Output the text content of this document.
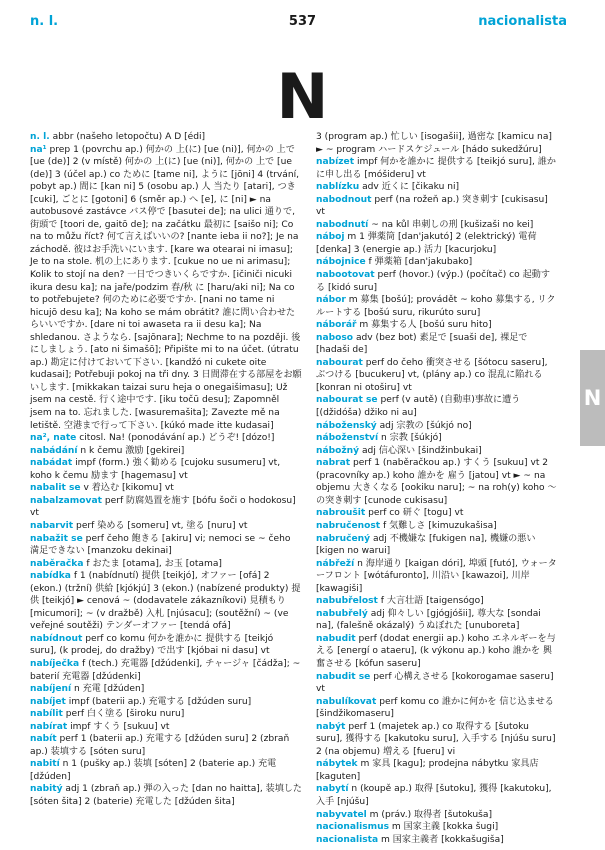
n. l.	537	nacionalista
N

n. l. abbr (našeho letopočtu) A D [édi]

na¹ prep 1 (povrchu ap.) 何かの 上(に) [ue (ni)], 何かの 上で [ue (de)] 2 (v místě) 何かの 上(に) [ue (ni)], 何かの 上で [ue (de)] 3 (účel ap.) co ために [tame ni], ように [jōni] 4 (trvání, pobyt ap.) 間に [kan ni] 5 (osobu ap.) 人 当たり [atari], つき [cuki], ごとに [gotoni] 6 (směr ap.) へ [e], に [ni] ► na autobusové zastávce バス停で [basutei de]; na ulici 通りで, 街頭で [toori de, gaitō de]; na začátku 最初に [saišo ni]; Co na to můžu říct? 何て言えばいいの? [nante ieba ii no?]; Je na záchodě. 彼はお手洗いにいます. [kare wa otearai ni imasu]; Je to na stole. 机の上にあります. [cukue no ue ni arimasu]; Kolik to stojí na den? 一日でつきいくらですか. [ičiniči nicuki ikura desu ka]; na jaře/podzim 春/秋 に [haru/aki ni]; Na co to potřebujete? 何のために必要ですか. [nani no tame ni hicujō desu ka]; Na koho se mám obrátit? 誰に問い合わせたらいいですか. [dare ni toi awaseta ra ii desu ka]; Na shledanou. さようなら. [sajōnara]; Nechme to na později. 後にしましょう. [ato ni šimašō]; Připište mi to na účet. (útratu ap.) 勘定に付けておいて下さい. [kandžó ni cukete oite kudasai]; Potřebuji pokoj na tři dny. 3 日間滞在する部屋をお願いします. [mikkakan taizai suru heja o onegaišimasu]; Už jsem na cestě. 行く途中です. [iku točū desu]; Zapomněl jsem na to. 忘れました. [wasuremašita]; Zavezte mě na letiště. 空港まで行って下さい. [kúkó made itte kudasai]

na², nate citosl. Na! (ponodávání ap.) どうぞ! [dózo!]

nabádání n k čemu 激励 [gekirei]

nabádat impf (form.) 強く勧める [cujoku susumeru] vt, koho k čemu 励ます [hagemasu] vt

nabalit se v 着込む [kikomu] vt

nabalzamovat perf 防腐処置を施す [bófu šoči o hodokosu] vt

nabarvit perf 染める [someru] vt, 塗る [nuru] vt

nabažit se perf čeho 飽きる [akiru] vi; nemoci se ~ čeho 満足できない [manzoku dekinai]

naběračka f おたま [otama], お玉 [otama]

nabídka f 1 (nabídnutí) 提供 [teikjó], オファー [ofá] 2 (ekon.) (tržní) 供給 [kjókjú] 3 (ekon.) (nabízené produkty) 提供 [teikjó] ► cenová ~ (dodavatele zákazníkovi) 見積もり [micumori]; ~ (v dražbě) 入札 [njúsacu]; (soutěžní) ~ (ve veřejné soutěži) テンダーオファー [tendá ofá]

nabídnout perf co komu 何かを誰かに 提供する [teikjó suru], (k prodej, do dražby) で出す [kjóbai ni dasu] vt

nabíječka f (tech.) 充電器 [džúdenki], チャージャ [čádža]; ~ baterií 充電器 [džúdenki]

nabíjení n 充電 [džúden]

nabíjet impf (baterii ap.) 充電する [džúden suru]

nabílit perf 白く塗る [široku nuru]

nabírat impf すくう [sukuu] vt

nabít perf 1 (baterii ap.) 充電する [džúden suru] 2 (zbraň ap.) 装填する [sóten suru]

nabití n 1 (pušky ap.) 装填 [sóten] 2 (baterie ap.) 充電 [džúden]

nabitý adj 1 (zbraň ap.) 弾の入った [dan no haitta], 装填した [sóten šita] 2 (baterie) 充電した [džúden šita]

3 (program ap.) 忙しい [isogašii], 過密な [kamicu na] ► ~ program ハードスケジュール [hádo sukedžúru]

nabízet impf 何かを誰かに 提供する [teikjó suru], 誰かに申し出る [móšideru] vt

nablízku adv 近くに [čikaku ni]

nabodnout perf (na rožeň ap.) 突き刺す [cukisasu] vt

nabodnutí ~ na kůl 串刺しの刑 [kušizaši no kei]

náboj m 1 弾薬筒 [dan'jakutó] 2 (elektrický) 電荷 [denka] 3 (energie ap.) 活力 [kacurjoku]

nábojnice f 弾薬箱 [dan'jakubako]

nabootovat perf (hovor.) (výp.) (počítač) co 起動する [kidó suru]

nábor m 募集 [bošú]; provádět ~ koho 募集する, リクルートする [bošú suru, rikurúto suru]

náborář m 募集する人 [bošú suru hito]

naboso adv (bez bot) 素足で [suaši de], 裸足で [hadaši de]

nabourat perf do čeho 衝突させる [šótocu saseru], ぶつける [bucukeru] vt, (plány ap.) co 混乱に陥れる [konran ni otoširu] vt

nabourat se perf (v autě) (自動車)事故に遭う [(džidóša) džiko ni au]

náboženský adj 宗教の [šúkjó no]

náboženství n 宗教 [šúkjó]

nábožný adj 信心深い [šindžinbukai]

nabrat perf 1 (naběračkou ap.) すくう [sukuu] vt 2 (pracovníky ap.) koho 誰かを 雇う [jatou] vt ► ~ na objemu 大きくなる [ookiku naru]; ~ na roh(y) koho 〜の突き刺す [cunode cukisasu]

nabroušit perf co 研ぐ [togu] vt

nabručenost f 気難しさ [kimuzukašisa]

nabručený adj 不機嫌な [fukigen na], 機嫌の悪い [kigen no warui]

nábřeží n 海岸通り [kaigan dóri], 埠頭 [futó], ウォーターフロント [wótáfuronto], 川沿い [kawazoi], 川岸 [kawagiši]

nabubřelost f 大言壮語 [taigensógo]

nabubřelý adj 仰々しい [gjógjóšii], 尊大な [sondai na], (falešně okázalý) うぬぼれた [unuboreta]

nabudit perf (dodat energii ap.) koho エネルギーを与える [energí o ataeru], (k výkonu ap.) koho 誰かを 興奮させる [kófun saseru]

nabudit se perf 心構えさせる [kokorogamae saseru] vt

nabulíkovat perf komu co 誰かに何かを 信じ込ませる [šindžikomaseru]

nabýt perf 1 (majetek ap.) co 取得する [šutoku suru], 獲得する [kakutoku suru], 入手する [njúšu suru] 2 (na objemu) 増える [fueru] vi

nábytek m 家具 [kagu]; prodejna nábytku 家具店 [kaguten]

nabytí n (koupě ap.) 取得 [šutoku], 獲得 [kakutoku], 入手 [njúšu]

nabyvatel m (práv.) 取得者 [šutokuša]

nacionalismus m 国家主義 [kokka šugi]

nacionalista m 国家主義者 [kokkašugiša]

N
